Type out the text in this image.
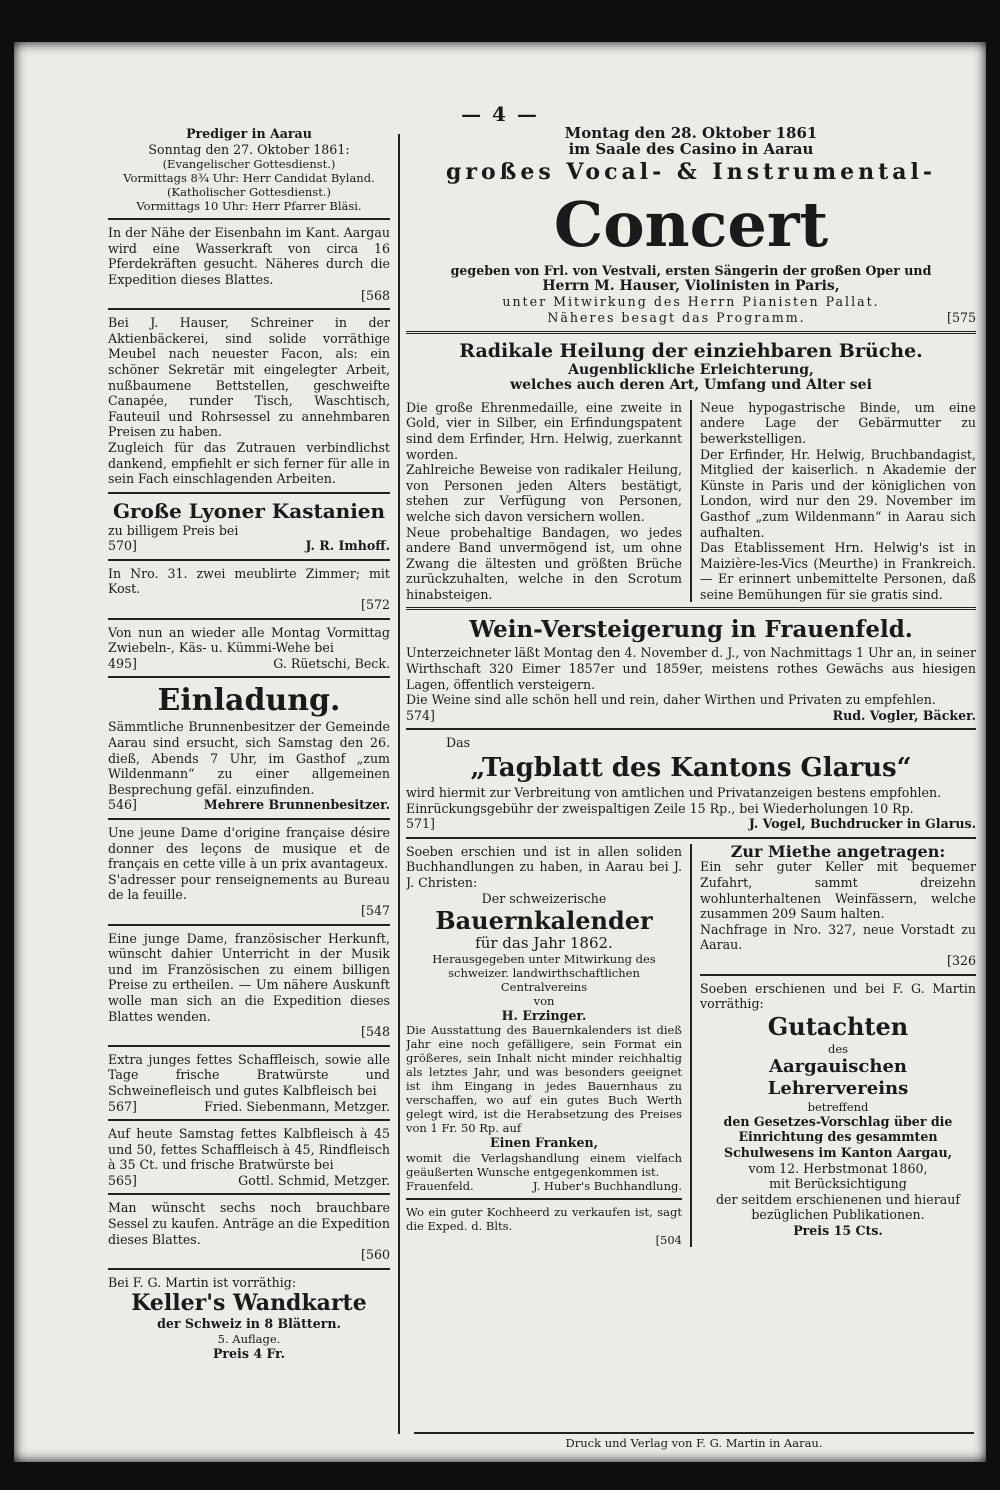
— 4 —

Prediger in Aarau

Sonntag den 27. Oktober 1861:

(Evangelischer Gottesdienst.)

Vormittags 8¾ Uhr: Herr Candidat Byland.

(Katholischer Gottesdienst.)

Vormittags 10 Uhr: Herr Pfarrer Bläsi.

In der Nähe der Eisenbahn im Kant. Aargau wird eine Wasserkraft von circa 16 Pferdekräften gesucht. Näheres durch die Expedition dieses Blattes.

[568

Bei J. Hauser, Schreiner in der Aktienbäckerei, sind solide vorräthige Meubel nach neuester Facon, als: ein schöner Sekretär mit eingelegter Arbeit, nußbaumene Bettstellen, geschweifte Canapée, runder Tisch, Waschtisch, Fauteuil und Rohrsessel zu annehmbaren Preisen zu haben.

Zugleich für das Zutrauen verbindlichst dankend, empfiehlt er sich ferner für alle in sein Fach einschlagenden Arbeiten.

Große Lyoner Kastanien

zu billigem Preis bei

570]	J. R. Imhoff.

In Nro. 31. zwei meublirte Zimmer; mit Kost.

[572

Von nun an wieder alle Montag Vormittag Zwiebeln-, Käs- u. Kümmi-Wehe bei

495]	G. Rüetschi, Beck.

Einladung.

Sämmtliche Brunnenbesitzer der Gemeinde Aarau sind ersucht, sich Samstag den 26. dieß, Abends 7 Uhr, im Gasthof „zum Wildenmann“ zu einer allgemeinen Besprechung gefäl. einzufinden.

546]	Mehrere Brunnenbesitzer.

Une jeune Dame d'origine française désire donner des leçons de musique et de français en cette ville à un prix avantageux.

S'adresser pour renseignements au Bureau de la feuille.

[547

Eine junge Dame, französischer Herkunft, wünscht dahier Unterricht in der Musik und im Französischen zu einem billigen Preise zu ertheilen. — Um nähere Auskunft wolle man sich an die Expedition dieses Blattes wenden.

[548

Extra junges fettes Schaffleisch, sowie alle Tage frische Bratwürste und Schweinefleisch und gutes Kalbfleisch bei

567]	Fried. Siebenmann, Metzger.

Auf heute Samstag fettes Kalbfleisch à 45 und 50, fettes Schaffleisch à 45, Rindfleisch à 35 Ct. und frische Bratwürste bei

565]	Gottl. Schmid, Metzger.

Man wünscht sechs noch brauchbare Sessel zu kaufen. Anträge an die Expedition dieses Blattes.

[560

Bei F. G. Martin ist vorräthig:

Keller's Wandkarte

der Schweiz in 8 Blättern.

5. Auflage.

Preis 4 Fr.

Montag den 28. Oktober 1861

im Saale des Casino in Aarau

großes Vocal- & Instrumental-

Concert

gegeben von Frl. von Vestvali, ersten Sängerin der großen Oper und

Herrn M. Hauser, Violinisten in Paris,

unter Mitwirkung des Herrn Pianisten Pallat.

Näheres besagt das Programm.	[575

Radikale Heilung der einziehbaren Brüche.

Augenblickliche Erleichterung,

welches auch deren Art, Umfang und Alter sei

Die große Ehrenmedaille, eine zweite in Gold, vier in Silber, ein Erfindungspatent sind dem Erfinder, Hrn. Helwig, zuerkannt worden.

Zahlreiche Beweise von radikaler Heilung, von Personen jeden Alters bestätigt, stehen zur Verfügung von Personen, welche sich davon versichern wollen.

Neue probehaltige Bandagen, wo jedes andere Band unvermögend ist, um ohne Zwang die ältesten und größten Brüche zurückzuhalten, welche in den Scrotum hinabsteigen.

Neue hypogastrische Binde, um eine andere Lage der Gebärmutter zu bewerkstelligen.

Der Erfinder, Hr. Helwig, Bruchbandagist, Mitglied der kaiserlich. n Akademie der Künste in Paris und der königlichen von London, wird nur den 29. November im Gasthof „zum Wildenmann“ in Aarau sich aufhalten.

Das Etablissement Hrn. Helwig's ist in Maizière-les-Vics (Meurthe) in Frankreich. — Er erinnert unbemittelte Personen, daß seine Bemühungen für sie gratis sind.

Wein-Versteigerung in Frauenfeld.

Unterzeichneter läßt Montag den 4. November d. J., von Nachmittags 1 Uhr an, in seiner Wirthschaft 320 Eimer 1857er und 1859er, meistens rothes Gewächs aus hiesigen Lagen, öffentlich versteigern.

Die Weine sind alle schön hell und rein, daher Wirthen und Privaten zu empfehlen.

574]	Rud. Vogler, Bäcker.

Das

„Tagblatt des Kantons Glarus“

wird hiermit zur Verbreitung von amtlichen und Privatanzeigen bestens empfohlen.

Einrückungsgebühr der zweispaltigen Zeile 15 Rp., bei Wiederholungen 10 Rp.

571]	J. Vogel, Buchdrucker in Glarus.

Soeben erschien und ist in allen soliden Buchhandlungen zu haben, in Aarau bei J. J. Christen:

Der schweizerische

Bauernkalender

für das Jahr 1862.

Herausgegeben unter Mitwirkung des schweizer. landwirthschaftlichen Centralvereins

von

H. Erzinger.

Die Ausstattung des Bauernkalenders ist dieß Jahr eine noch gefälligere, sein Format ein größeres, sein Inhalt nicht minder reichhaltig als letztes Jahr, und was besonders geeignet ist ihm Eingang in jedes Bauernhaus zu verschaffen, wo auf ein gutes Buch Werth gelegt wird, ist die Herabsetzung des Preises von 1 Fr. 50 Rp. auf

Einen Franken,

womit die Verlagshandlung einem vielfach geäußerten Wunsche entgegenkommen ist.

Frauenfeld.	J. Huber's Buchhandlung.

Wo ein guter Kochheerd zu verkaufen ist, sagt die Exped. d. Blts.

[504

Zur Miethe angetragen:

Ein sehr guter Keller mit bequemer Zufahrt, sammt dreizehn wohlunterhaltenen Weinfässern, welche zusammen 209 Saum halten.

Nachfrage in Nro. 327, neue Vorstadt zu Aarau.

[326

Soeben erschienen und bei F. G. Martin vorräthig:

Gutachten

des

Aargauischen Lehrervereins

betreffend

den Gesetzes-Vorschlag über die Einrichtung des gesammten Schulwesens im Kanton Aargau,

vom 12. Herbstmonat 1860,

mit Berücksichtigung

der seitdem erschienenen und hierauf bezüglichen Publikationen.

Preis 15 Cts.

Druck und Verlag von F. G. Martin in Aarau.
